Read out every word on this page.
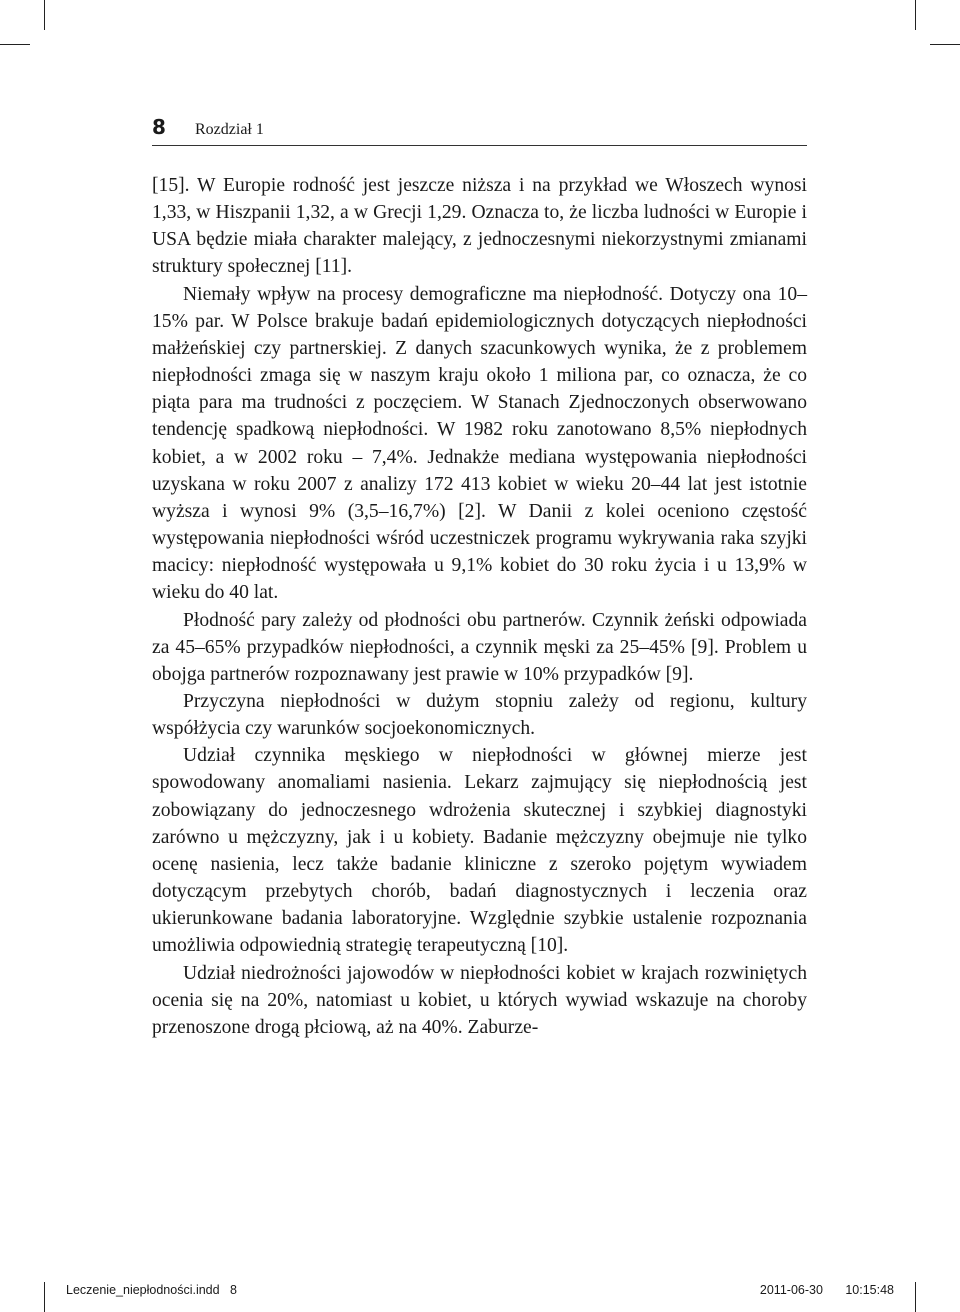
8 Rozdział 1

[15]. W Europie rodność jest jeszcze niższa i na przykład we Włoszech wynosi 1,33, w Hiszpanii 1,32, a w Grecji 1,29. Oznacza to, że liczba ludności w Europie i USA będzie miała charakter malejący, z jednoczesnymi niekorzystnymi zmianami struktury społecznej [11].

Niemały wpływ na procesy demograficzne ma niepłodność. Dotyczy ona 10–15% par. W Polsce brakuje badań epidemiologicznych dotyczących niepłodności małżeńskiej czy partnerskiej. Z danych szacunkowych wynika, że z problemem niepłodności zmaga się w naszym kraju około 1 miliona par, co oznacza, że co piąta para ma trudności z poczęciem. W Stanach Zjednoczonych obserwowano tendencję spadkową niepłodności. W 1982 roku zanotowano 8,5% niepłodnych kobiet, a w 2002 roku – 7,4%. Jednakże mediana występowania niepłodności uzyskana w roku 2007 z analizy 172 413 kobiet w wieku 20–44 lat jest istotnie wyższa i wynosi 9% (3,5–16,7%) [2]. W Danii z kolei oceniono częstość występowania niepłodności wśród uczestniczek programu wykrywania raka szyjki macicy: niepłodność występowała u 9,1% kobiet do 30 roku życia i u 13,9% w wieku do 40 lat.

Płodność pary zależy od płodności obu partnerów. Czynnik żeński odpowiada za 45–65% przypadków niepłodności, a czynnik męski za 25–45% [9]. Problem u obojga partnerów rozpoznawany jest prawie w 10% przypadków [9].

Przyczyna niepłodności w dużym stopniu zależy od regionu, kultury współżycia czy warunków socjoekonomicznych.

Udział czynnika męskiego w niepłodności w głównej mierze jest spowodowany anomaliami nasienia. Lekarz zajmujący się niepłodnością jest zobowiązany do jednoczesnego wdrożenia skutecznej i szybkiej diagnostyki zarówno u mężczyzny, jak i u kobiety. Badanie mężczyzny obejmuje nie tylko ocenę nasienia, lecz także badanie kliniczne z szeroko pojętym wywiadem dotyczącym przebytych chorób, badań diagnostycznych i leczenia oraz ukierunkowane badania laboratoryjne. Względnie szybkie ustalenie rozpoznania umożliwia odpowiednią strategię terapeutyczną [10].

Udział niedrożności jajowodów w niepłodności kobiet w krajach rozwiniętych ocenia się na 20%, natomiast u kobiet, u których wywiad wskazuje na choroby przenoszone drogą płciową, aż na 40%. Zaburze-

Leczenie_niepłodności.indd   8	2011-06-30   10:15:48
